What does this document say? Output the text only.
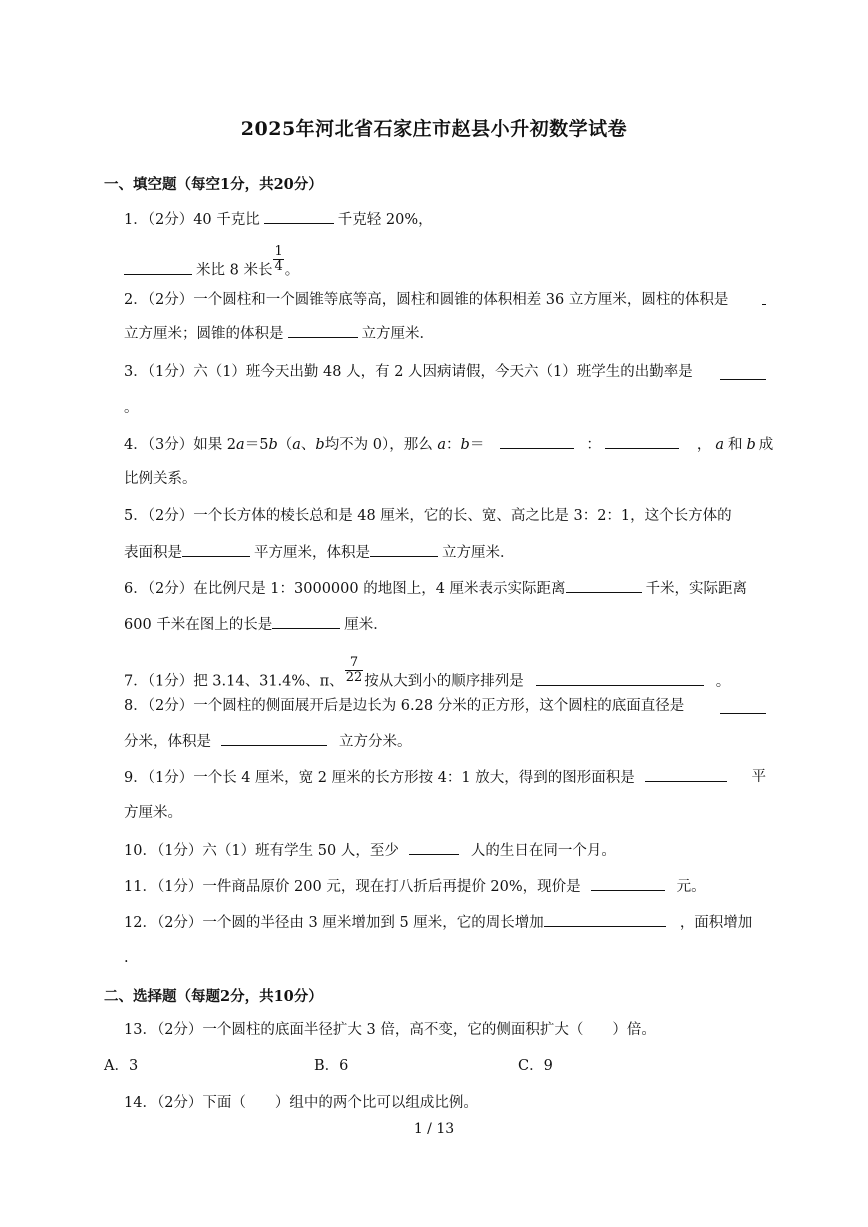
2025年河北省石家庄市赵县小升初数学试卷
一、填空题（每空1分，共20分）
1．（2分）40 千克比	千克轻 20%，
米比 8 米长 $\frac{1}{4}$ 。
2．（2分）一个圆柱和一个圆锥等底等高，圆柱和圆锥的体积相差 36 立方厘米，圆柱的体积是
立方厘米；圆锥的体积是	立方厘米．
3．（1分）六（1）班今天出勤 48 人，有 2 人因病请假，今天六（1）班学生的出勤率是
。
4．（3分）如果 2a＝5b（a、b均不为 0），那么 a：b＝	：	， a 和 b 成
比例关系。
5．（2分）一个长方体的棱长总和是 48 厘米，它的长、宽、高之比是 3：2：1，这个长方体的
表面积是	平方厘米，体积是	立方厘米．
6．（2分）在比例尺是 1：3000000 的地图上，4 厘米表示实际距离	千米，实际距离
600 千米在图上的长是	厘米．
7．（1分）把 3.14、31.4%、π、 $\frac{7}{22}$ 按从大到小的顺序排列是	。
8．（2分）一个圆柱的侧面展开后是边长为 6.28 分米的正方形，这个圆柱的底面直径是
分米，体积是	立方分米。
9．（1分）一个长 4 厘米，宽 2 厘米的长方形按 4：1 放大，得到的图形面积是	平
方厘米。
10．（1分）六（1）班有学生 50 人，至少	人的生日在同一个月。
11．（1分）一件商品原价 200 元，现在打八折后再提价 20%，现价是	元。
12．（2分）一个圆的半径由 3 厘米增加到 5 厘米，它的周长增加	，面积增加
.
二、选择题（每题2分，共10分）
13．（2分）一个圆柱的底面半径扩大 3 倍，高不变，它的侧面积扩大（　　）倍。
A．3	B．6	C．9
14．（2分）下面（　　）组中的两个比可以组成比例。
1 / 13
